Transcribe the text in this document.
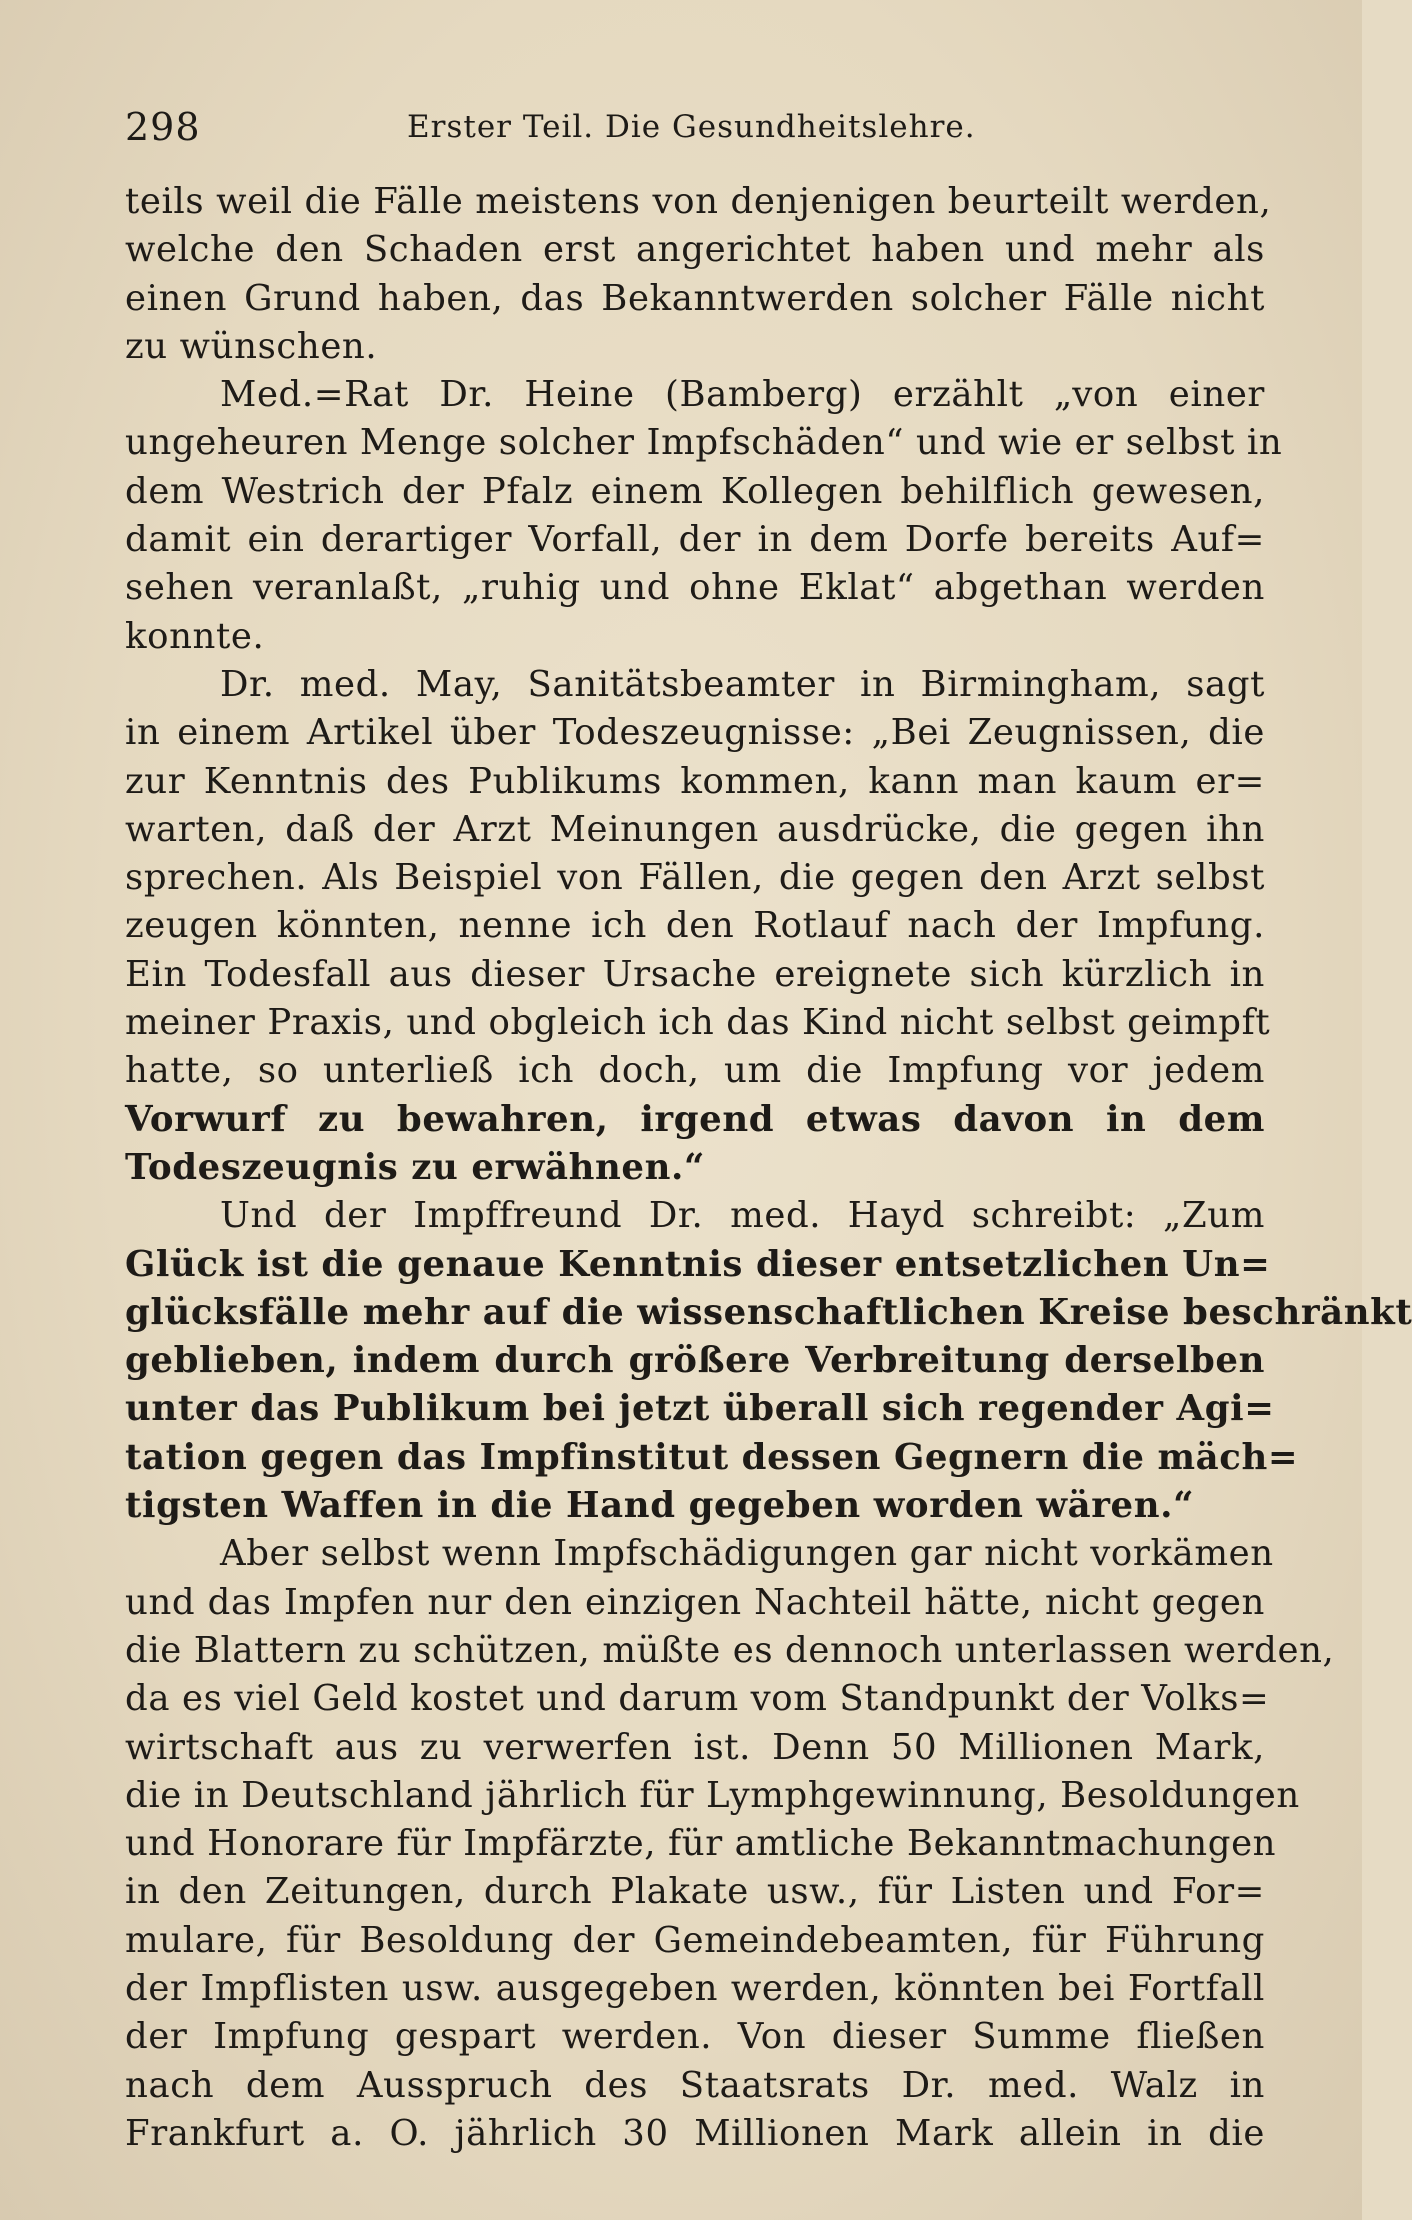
298	Erster Teil. Die Gesundheitslehre.
teils weil die Fälle meistens von denjenigen beurteilt werden,
welche den Schaden erst angerichtet haben und mehr als
einen Grund haben, das Bekanntwerden solcher Fälle nicht
zu wünschen.
Med.=Rat Dr. Heine (Bamberg) erzählt „von einer
ungeheuren Menge solcher Impfschäden“ und wie er selbst in
dem Westrich der Pfalz einem Kollegen behilflich gewesen,
damit ein derartiger Vorfall, der in dem Dorfe bereits Auf=
sehen veranlaßt, „ruhig und ohne Eklat“ abgethan werden
konnte.
Dr. med. May, Sanitätsbeamter in Birmingham, sagt
in einem Artikel über Todeszeugnisse: „Bei Zeugnissen, die
zur Kenntnis des Publikums kommen, kann man kaum er=
warten, daß der Arzt Meinungen ausdrücke, die gegen ihn
sprechen. Als Beispiel von Fällen, die gegen den Arzt selbst
zeugen könnten, nenne ich den Rotlauf nach der Impfung.
Ein Todesfall aus dieser Ursache ereignete sich kürzlich in
meiner Praxis, und obgleich ich das Kind nicht selbst geimpft
hatte, so unterließ ich doch, um die Impfung vor jedem
Vorwurf zu bewahren, irgend etwas davon in dem
Todeszeugnis zu erwähnen.“
Und der Impffreund Dr. med. Hayd schreibt: „Zum
Glück ist die genaue Kenntnis dieser entsetzlichen Un=
glücksfälle mehr auf die wissenschaftlichen Kreise beschränkt
geblieben, indem durch größere Verbreitung derselben
unter das Publikum bei jetzt überall sich regender Agi=
tation gegen das Impfinstitut dessen Gegnern die mäch=
tigsten Waffen in die Hand gegeben worden wären.“
Aber selbst wenn Impfschädigungen gar nicht vorkämen
und das Impfen nur den einzigen Nachteil hätte, nicht gegen
die Blattern zu schützen, müßte es dennoch unterlassen werden,
da es viel Geld kostet und darum vom Standpunkt der Volks=
wirtschaft aus zu verwerfen ist. Denn 50 Millionen Mark,
die in Deutschland jährlich für Lymphgewinnung, Besoldungen
und Honorare für Impfärzte, für amtliche Bekanntmachungen
in den Zeitungen, durch Plakate usw., für Listen und For=
mulare, für Besoldung der Gemeindebeamten, für Führung
der Impflisten usw. ausgegeben werden, könnten bei Fortfall
der Impfung gespart werden. Von dieser Summe fließen
nach dem Ausspruch des Staatsrats Dr. med. Walz in
Frankfurt a. O. jährlich 30 Millionen Mark allein in die
